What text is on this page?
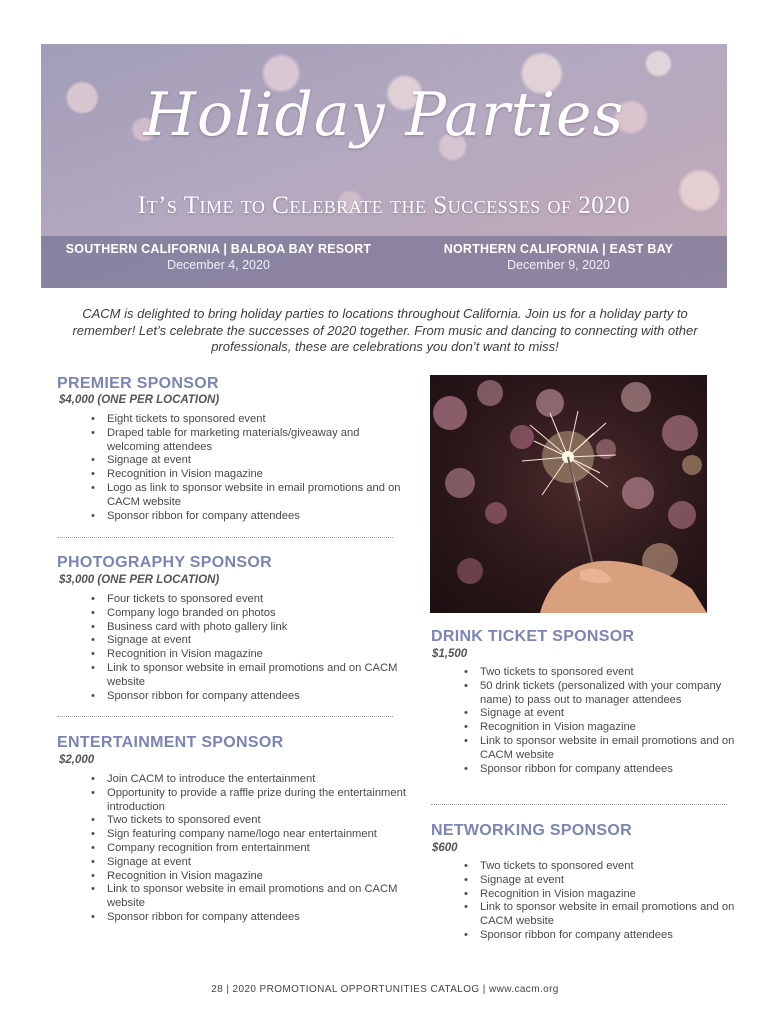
Holiday Parties
It’s Time to Celebrate the Successes of 2020
SOUTHERN CALIFORNIA | BALBOA BAY RESORT
December 4, 2020
NORTHERN CALIFORNIA | EAST BAY
December 9, 2020
CACM is delighted to bring holiday parties to locations throughout California. Join us for a holiday party to remember! Let’s celebrate the successes of 2020 together. From music and dancing to connecting with other professionals, these are celebrations you don’t want to miss!
PREMIER SPONSOR
$4,000 (ONE PER LOCATION)
• Eight tickets to sponsored event
• Draped table for marketing materials/giveaway and welcoming attendees
• Signage at event
• Recognition in Vision magazine
• Logo as link to sponsor website in email promotions and on CACM website
• Sponsor ribbon for company attendees
PHOTOGRAPHY SPONSOR
$3,000 (ONE PER LOCATION)
• Four tickets to sponsored event
• Company logo branded on photos
• Business card with photo gallery link
• Signage at event
• Recognition in Vision magazine
• Link to sponsor website in email promotions and on CACM website
• Sponsor ribbon for company attendees
ENTERTAINMENT SPONSOR
$2,000
• Join CACM to introduce the entertainment
• Opportunity to provide a raffle prize during the entertainment introduction
• Two tickets to sponsored event
• Sign featuring company name/logo near entertainment
• Company recognition from entertainment
• Signage at event
• Recognition in Vision magazine
• Link to sponsor website in email promotions and on CACM website
• Sponsor ribbon for company attendees
DRINK TICKET SPONSOR
$1,500
• Two tickets to sponsored event
• 50 drink tickets (personalized with your company name) to pass out to manager attendees
• Signage at event
• Recognition in Vision magazine
• Link to sponsor website in email promotions and on CACM website
• Sponsor ribbon for company attendees
NETWORKING SPONSOR
$600
• Two tickets to sponsored event
• Signage at event
• Recognition in Vision magazine
• Link to sponsor website in email promotions and on CACM website
• Sponsor ribbon for company attendees
28 | 2020 PROMOTIONAL OPPORTUNITIES CATALOG | www.cacm.org
